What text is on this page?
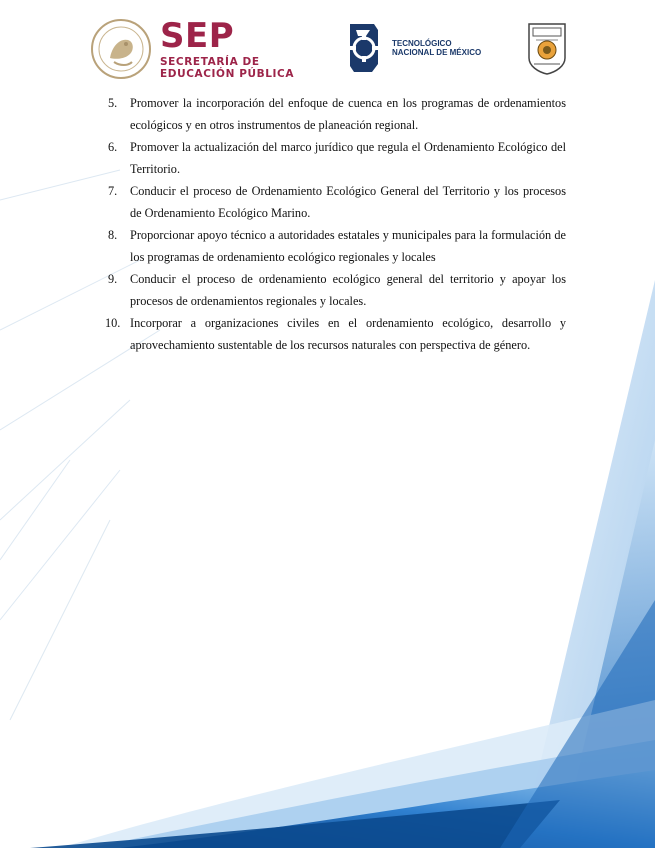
SEP
SECRETARÍA DE
EDUCACIÓN PÚBLICA
TECNOLÓGICO
NACIONAL DE MÉXICO
5.	Promover la incorporación del enfoque de cuenca en los programas de ordenamientos ecológicos y en otros instrumentos de planeación regional.
6.	Promover la actualización del marco jurídico que regula el Ordenamiento Ecológico del Territorio.
7.	Conducir el proceso de Ordenamiento Ecológico General del Territorio y los procesos de Ordenamiento Ecológico Marino.
8.	Proporcionar apoyo técnico a autoridades estatales y municipales para la formulación de los programas de ordenamiento ecológico regionales y locales
9.	Conducir el proceso de ordenamiento ecológico general del territorio y apoyar los procesos de ordenamientos regionales y locales.
10. Incorporar a organizaciones civiles en el ordenamiento ecológico, desarrollo y aprovechamiento sustentable de los recursos naturales con perspectiva de género.
